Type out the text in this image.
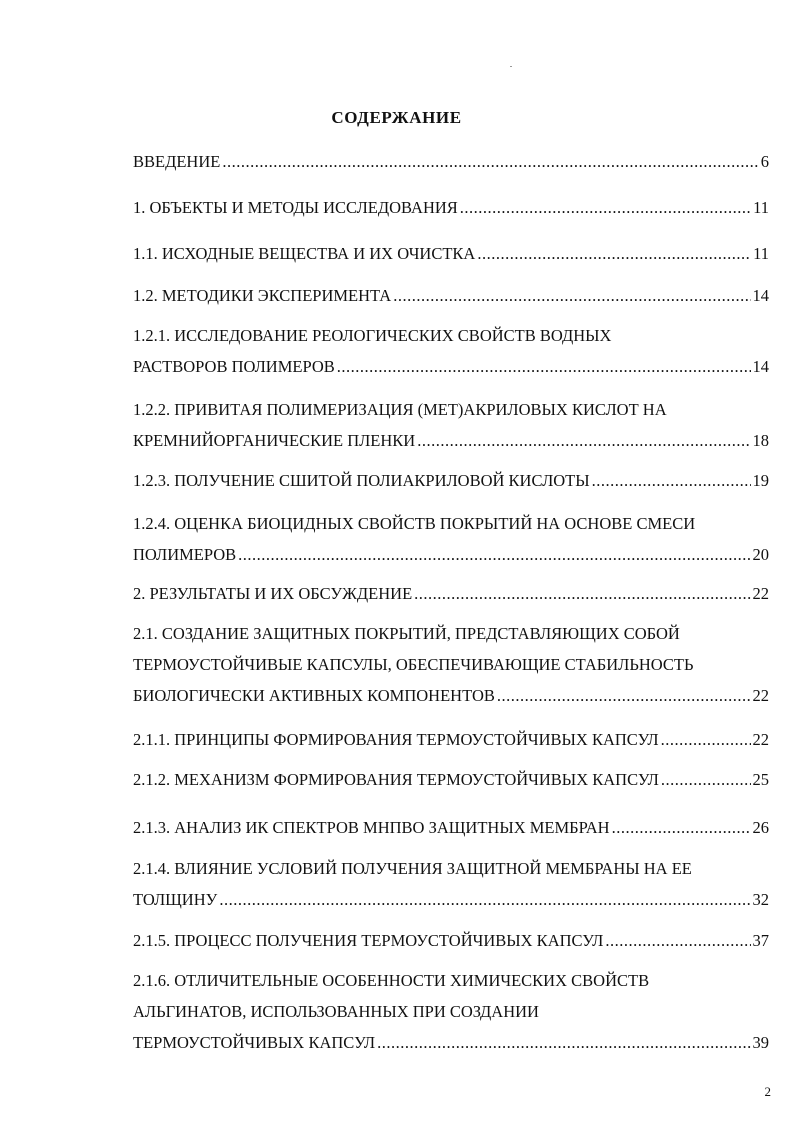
СОДЕРЖАНИЕ
ВВЕДЕНИЕ .....	6
1. ОБЪЕКТЫ И МЕТОДЫ ИССЛЕДОВАНИЯ .....	11
1.1. ИСХОДНЫЕ ВЕЩЕСТВА И ИХ ОЧИСТКА .....	11
1.2. МЕТОДИКИ ЭКСПЕРИМЕНТА .....	14
1.2.1. ИССЛЕДОВАНИЕ РЕОЛОГИЧЕСКИХ СВОЙСТВ ВОДНЫХ
РАСТВОРОВ ПОЛИМЕРОВ .....	14
1.2.2. ПРИВИТАЯ ПОЛИМЕРИЗАЦИЯ (МЕТ)АКРИЛОВЫХ КИСЛОТ НА
КРЕМНИЙОРГАНИЧЕСКИЕ ПЛЕНКИ .....	18
1.2.3. ПОЛУЧЕНИЕ СШИТОЙ ПОЛИАКРИЛОВОЙ КИСЛОТЫ .....	19
1.2.4. ОЦЕНКА БИОЦИДНЫХ СВОЙСТВ ПОКРЫТИЙ НА ОСНОВЕ СМЕСИ
ПОЛИМЕРОВ .....	20
2. РЕЗУЛЬТАТЫ И ИХ ОБСУЖДЕНИЕ .....	22
2.1. СОЗДАНИЕ ЗАЩИТНЫХ ПОКРЫТИЙ, ПРЕДСТАВЛЯЮЩИХ СОБОЙ
ТЕРМОУСТОЙЧИВЫЕ КАПСУЛЫ, ОБЕСПЕЧИВАЮЩИЕ СТАБИЛЬНОСТЬ
БИОЛОГИЧЕСКИ АКТИВНЫХ КОМПОНЕНТОВ .....	22
2.1.1. ПРИНЦИПЫ ФОРМИРОВАНИЯ ТЕРМОУСТОЙЧИВЫХ КАПСУЛ .....	22
2.1.2. МЕХАНИЗМ ФОРМИРОВАНИЯ ТЕРМОУСТОЙЧИВЫХ КАПСУЛ .....	25
2.1.3. АНАЛИЗ ИК СПЕКТРОВ МНПВО ЗАЩИТНЫХ МЕМБРАН .....	26
2.1.4. ВЛИЯНИЕ УСЛОВИЙ ПОЛУЧЕНИЯ ЗАЩИТНОЙ МЕМБРАНЫ НА ЕЕ
ТОЛЩИНУ .....	32
2.1.5. ПРОЦЕСС ПОЛУЧЕНИЯ ТЕРМОУСТОЙЧИВЫХ КАПСУЛ .....	37
2.1.6. ОТЛИЧИТЕЛЬНЫЕ ОСОБЕННОСТИ ХИМИЧЕСКИХ СВОЙСТВ
АЛЬГИНАТОВ, ИСПОЛЬЗОВАННЫХ ПРИ СОЗДАНИИ
ТЕРМОУСТОЙЧИВЫХ КАПСУЛ .....	39
2
